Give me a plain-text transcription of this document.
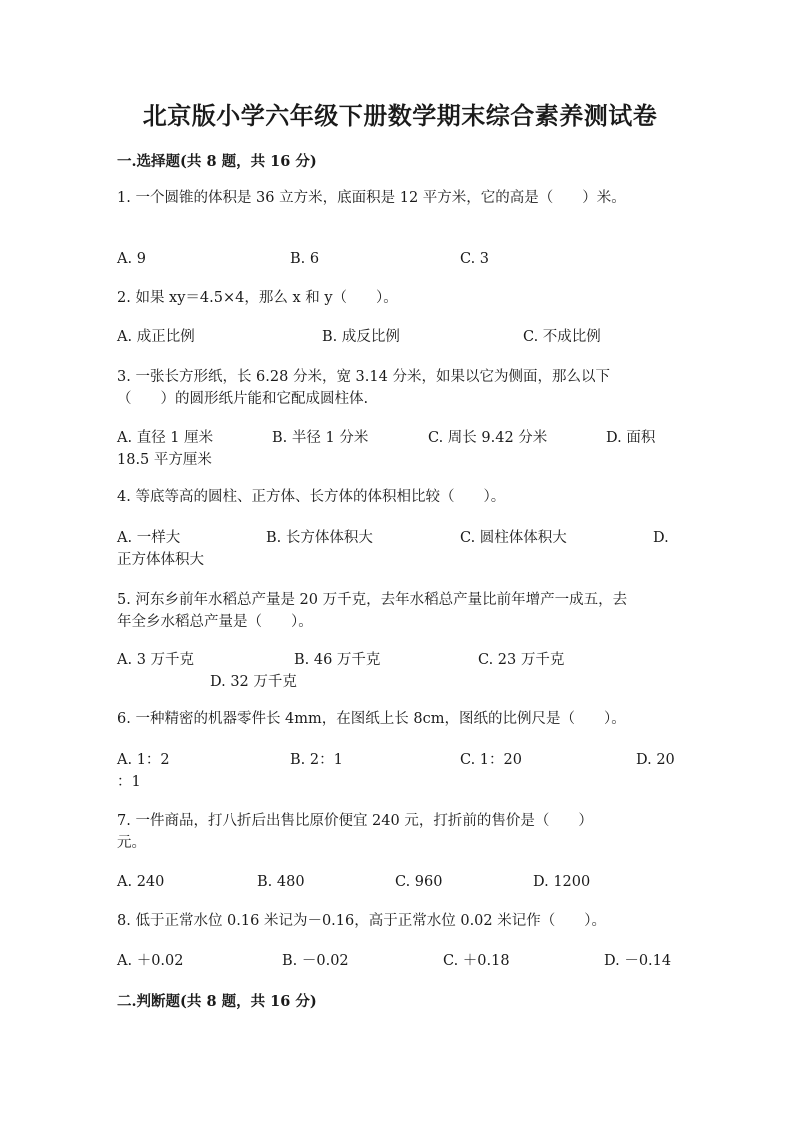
北京版小学六年级下册数学期末综合素养测试卷
一.选择题(共 8 题，共 16 分)
1. 一个圆锥的体积是 36 立方米，底面积是 12 平方米，它的高是（　　）米。
A. 9	B. 6	C. 3
2. 如果 xy＝4.5×4，那么 x 和 y（　　）。
A. 成正比例	B. 成反比例	C. 不成比例
3. 一张长方形纸，长 6.28 分米，宽 3.14 分米，如果以它为侧面，那么以下
（　　）的圆形纸片能和它配成圆柱体.
A. 直径 1 厘米	B. 半径 1 分米	C. 周长 9.42 分米	D. 面积
18.5 平方厘米
4. 等底等高的圆柱、正方体、长方体的体积相比较（　　）。
A. 一样大	B. 长方体体积大	C. 圆柱体体积大	D.
正方体体积大
5. 河东乡前年水稻总产量是 20 万千克，去年水稻总产量比前年增产一成五，去
年全乡水稻总产量是（　　）。
A. 3 万千克	B. 46 万千克	C. 23 万千克
D. 32 万千克
6. 一种精密的机器零件长 4mm，在图纸上长 8cm，图纸的比例尺是（　　）。
A. 1：2	B. 2：1	C. 1：20	D. 20
：1
7. 一件商品，打八折后出售比原价便宜 240 元，打折前的售价是（　　）
元。
A. 240	B. 480	C. 960	D. 1200
8. 低于正常水位 0.16 米记为－0.16，高于正常水位 0.02 米记作（　　）。
A. ＋0.02	B. －0.02	C. ＋0.18	D. －0.14
二.判断题(共 8 题，共 16 分)
